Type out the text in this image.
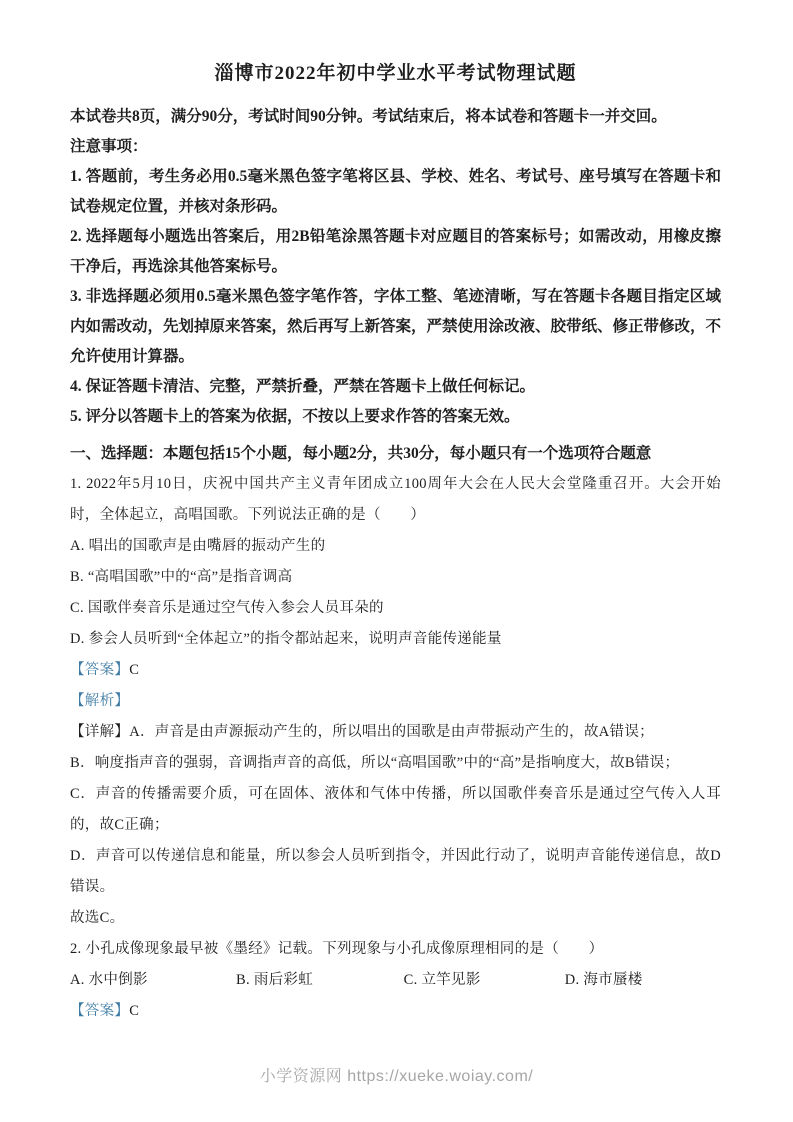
淄博市2022年初中学业水平考试物理试题

本试卷共8页，满分90分，考试时间90分钟。考试结束后，将本试卷和答题卡一并交回。

注意事项：

1. 答题前，考生务必用0.5毫米黑色签字笔将区县、学校、姓名、考试号、座号填写在答题卡和试卷规定位置，并核对条形码。

2. 选择题每小题选出答案后，用2B铅笔涂黑答题卡对应题目的答案标号；如需改动，用橡皮擦干净后，再选涂其他答案标号。

3. 非选择题必须用0.5毫米黑色签字笔作答，字体工整、笔迹清晰，写在答题卡各题目指定区域内如需改动，先划掉原来答案，然后再写上新答案，严禁使用涂改液、胶带纸、修正带修改，不允许使用计算器。

4. 保证答题卡清洁、完整，严禁折叠，严禁在答题卡上做任何标记。

5. 评分以答题卡上的答案为依据，不按以上要求作答的答案无效。

一、选择题：本题包括15个小题，每小题2分，共30分，每小题只有一个选项符合题意

1. 2022年5月10日，庆祝中国共产主义青年团成立100周年大会在人民大会堂隆重召开。大会开始时，全体起立，高唱国歌。下列说法正确的是（　　）

A. 唱出的国歌声是由嘴唇的振动产生的

B. “高唱国歌”中的“高”是指音调高

C. 国歌伴奏音乐是通过空气传入参会人员耳朵的

D. 参会人员听到“全体起立”的指令都站起来，说明声音能传递能量

【答案】C

【解析】

【详解】A．声音是由声源振动产生的，所以唱出的国歌是由声带振动产生的，故A错误；

B．响度指声音的强弱，音调指声音的高低，所以“高唱国歌”中的“高”是指响度大，故B错误；

C．声音的传播需要介质，可在固体、液体和气体中传播，所以国歌伴奏音乐是通过空气传入人耳的，故C正确；

D．声音可以传递信息和能量，所以参会人员听到指令，并因此行动了，说明声音能传递信息，故D错误。

故选C。

2. 小孔成像现象最早被《墨经》记载。下列现象与小孔成像原理相同的是（　　）

A. 水中倒影	B. 雨后彩虹	C. 立竿见影	D. 海市蜃楼

【答案】C

小学资源网 https://xueke.woiay.com/
